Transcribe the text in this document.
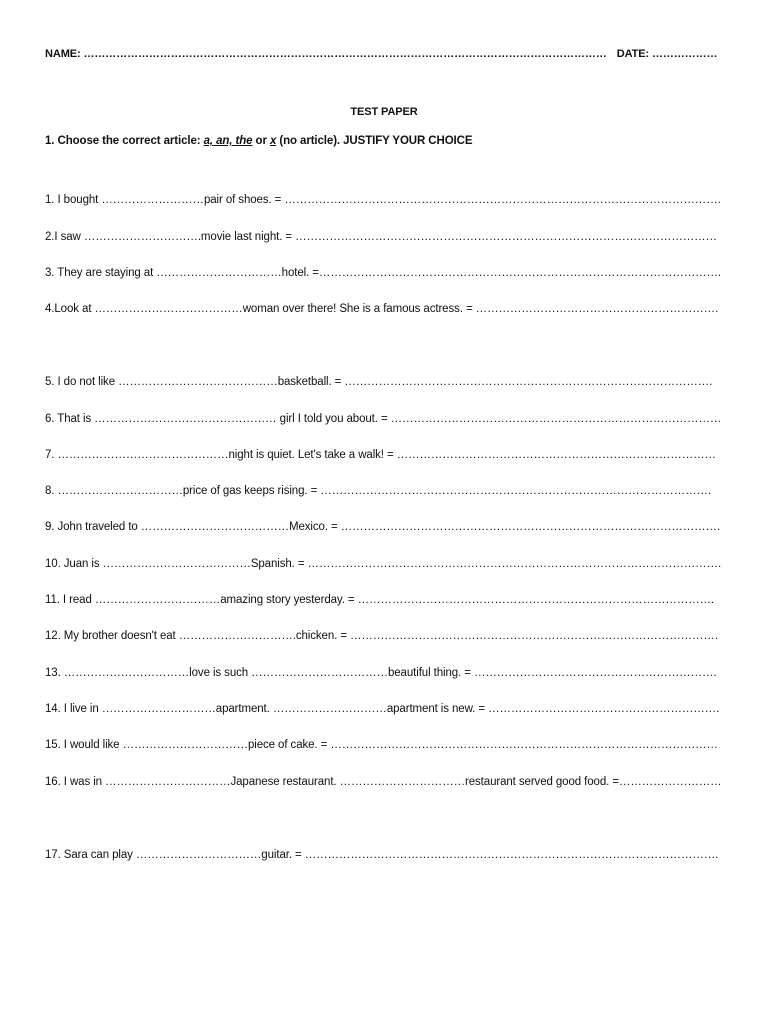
NAME: ……………………………………………………………………………………………………………………………… DATE: ………………
TEST PAPER
1. Choose the correct article: a, an, the or x (no article). JUSTIFY YOUR CHOICE
1. I bought ………………………pair of shoes. = …………………………………………………………………………………………………….
2.I saw ………………………….movie last night. = …………………………………………………………………………………………………
3. They are staying at ……………………………hotel. =…………………………………………………………………………………………….
4.Look at …………………………………woman over there! She is a famous actress. = ……………………………………………………….
5. I do not like ……………………………………basketball. = …………………………………………………………………………………….
6. That is ………………………………………… girl I told you about. = ……………………………………………………………………………
7. ………………………………………night is quiet. Let's take a walk! = …………………………………………………………………………
8. ……………………………price of gas keeps rising. = ………………………………………………………………………………………….
9. John traveled to …………………………………Mexico. = ……………………………………………………………………………………….
10. Juan is …………………………………Spanish. = ……………………………………………………………………………………………….
11. I read ……………………………amazing story yesterday. = ………………………………………………………………………………….
12. My brother doesn't eat ………………………….chicken. = …………………………………………………………………………………….
13. ……………………………love is such ………………………………beautiful thing. = ……………………………………………………….
14. I live in …………………………apartment. …………………………apartment is new. = …………………………………………………….
15. I would like ……………………………piece of cake. = …………………………………………………………………………………………
16. I was in ……………………………Japanese restaurant. ……………………………restaurant served good food. =………………………
17. Sara can play ……………………………guitar. = ……………………………………………………………………………………………….
